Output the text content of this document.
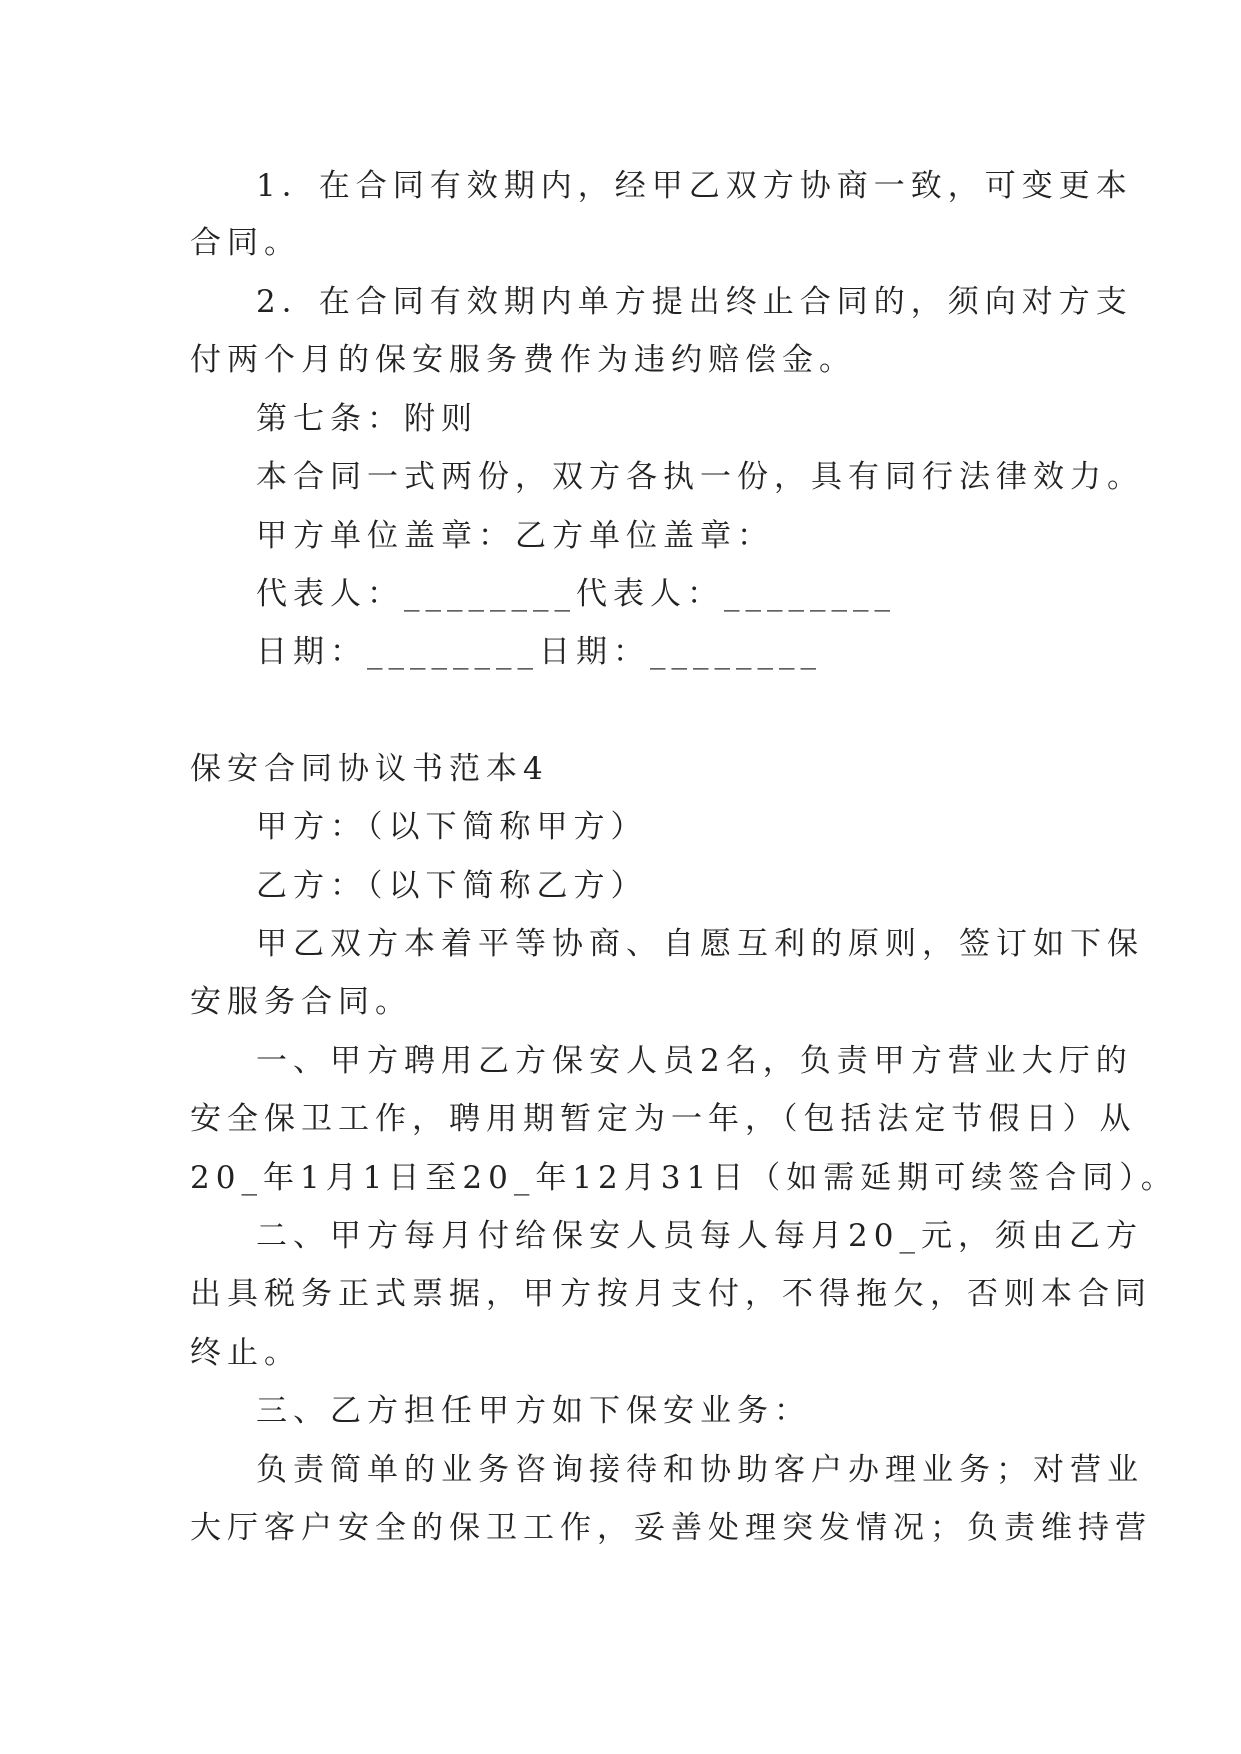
1．在合同有效期内，经甲乙双方协商一致，可变更本
合同。
2．在合同有效期内单方提出终止合同的，须向对方支
付两个月的保安服务费作为违约赔偿金。
第七条：附则
本合同一式两份，双方各执一份，具有同行法律效力。
甲方单位盖章：乙方单位盖章：
代表人：________代表人：________
日期：________日期：________
保安合同协议书范本4
甲方：（以下简称甲方）
乙方：（以下简称乙方）
甲乙双方本着平等协商、自愿互利的原则，签订如下保
安服务合同。
一、甲方聘用乙方保安人员2名，负责甲方营业大厅的
安全保卫工作，聘用期暂定为一年，（包括法定节假日）从
20_年1月1日至20_年12月31日（如需延期可续签合同）。
二、甲方每月付给保安人员每人每月20_元，须由乙方
出具税务正式票据，甲方按月支付，不得拖欠，否则本合同
终止。
三、乙方担任甲方如下保安业务：
负责简单的业务咨询接待和协助客户办理业务；对营业
大厅客户安全的保卫工作，妥善处理突发情况；负责维持营
